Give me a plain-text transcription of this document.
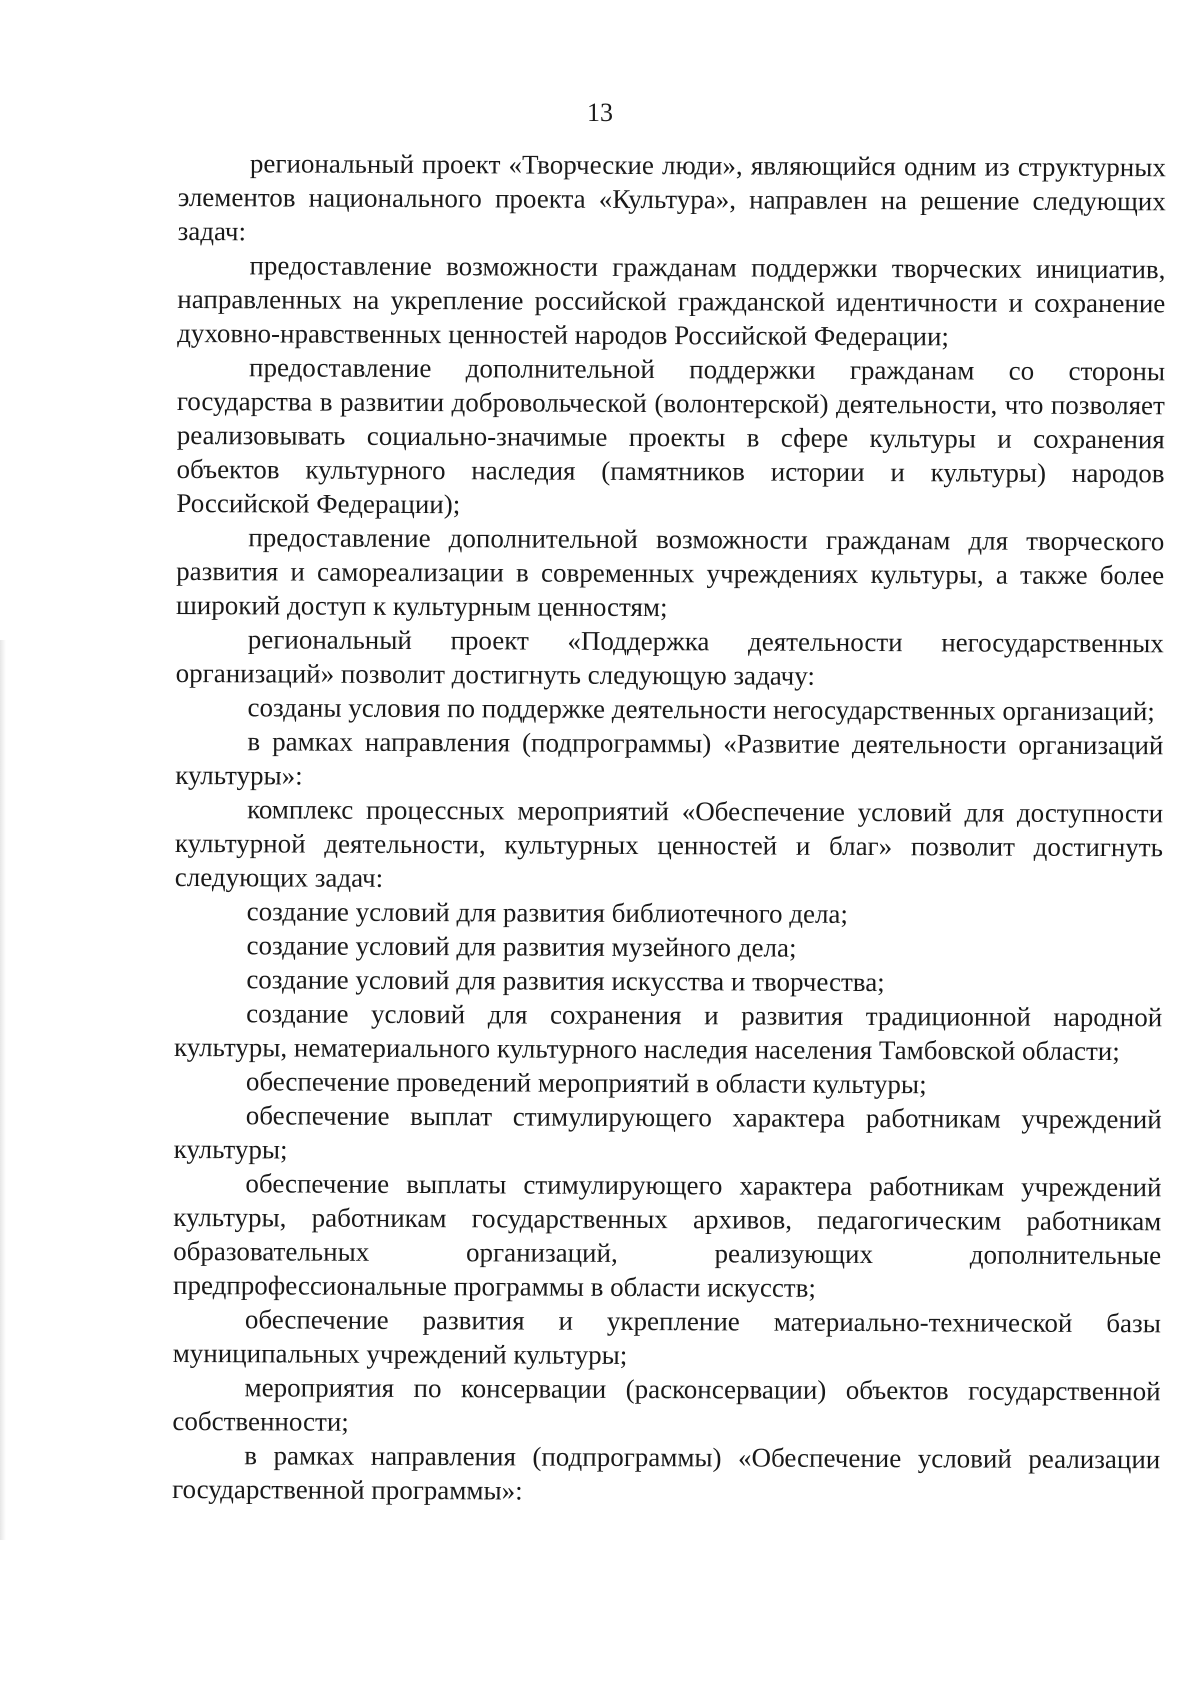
13

региональный проект «Творческие люди», являющийся одним из структурных элементов национального проекта «Культура», направлен на решение следующих задач:

предоставление возможности гражданам поддержки творческих инициатив, направленных на укрепление российской гражданской идентичности и сохранение духовно-нравственных ценностей народов Российской Федерации;

предоставление дополнительной поддержки гражданам со стороны государства в развитии добровольческой (волонтерской) деятельности, что позволяет реализовывать социально-значимые проекты в сфере культуры и сохранения объектов культурного наследия (памятников истории и культуры) народов Российской Федерации);

предоставление дополнительной возможности гражданам для творческого развития и самореализации в современных учреждениях культуры, а также более широкий доступ к культурным ценностям;

региональный проект «Поддержка деятельности негосударственных организаций» позволит достигнуть следующую задачу:

созданы условия по поддержке деятельности негосударственных организаций;

в рамках направления (подпрограммы) «Развитие деятельности организаций культуры»:

комплекс процессных мероприятий «Обеспечение условий для доступности культурной деятельности, культурных ценностей и благ» позволит достигнуть следующих задач:

создание условий для развития библиотечного дела;

создание условий для развития музейного дела;

создание условий для развития искусства и творчества;

создание условий для сохранения и развития традиционной народной культуры, нематериального культурного наследия населения Тамбовской области;

обеспечение проведений мероприятий в области культуры;

обеспечение выплат стимулирующего характера работникам учреждений культуры;

обеспечение выплаты стимулирующего характера работникам учреждений культуры, работникам государственных архивов, педагогическим работникам образовательных организаций, реализующих дополнительные предпрофессиональные программы в области искусств;

обеспечение развития и укрепление материально-технической базы муниципальных учреждений культуры;

мероприятия по консервации (расконсервации) объектов государственной собственности;

в рамках направления (подпрограммы) «Обеспечение условий реализации государственной программы»:
